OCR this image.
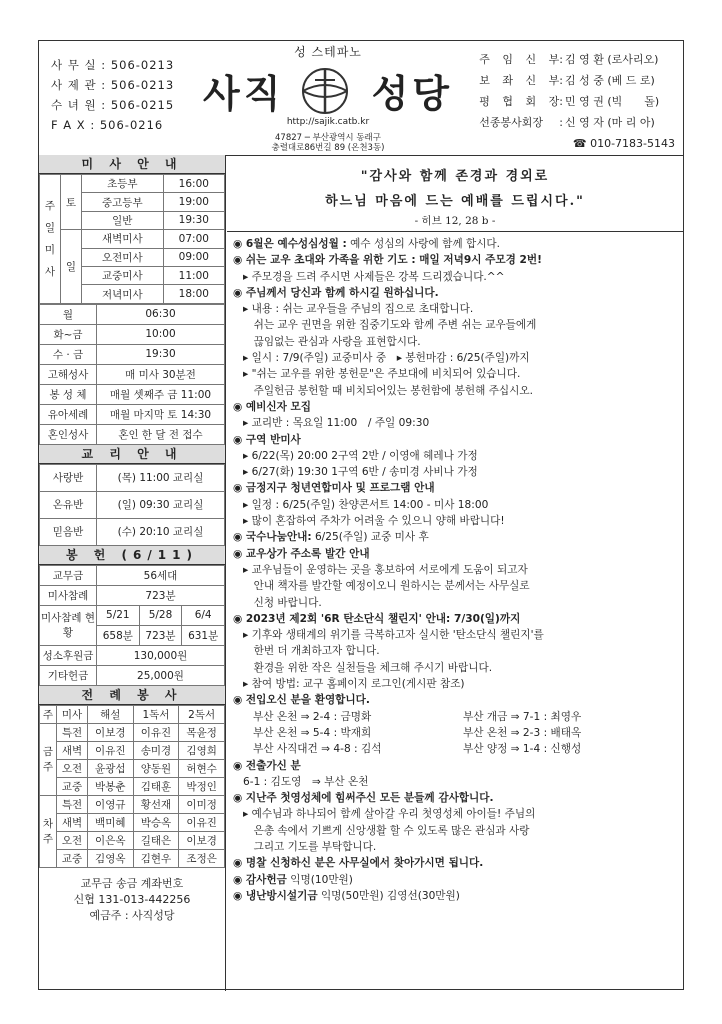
사 무 실 : 506-0213
사 제 관 : 506-0213
수 녀 원 : 506-0215
F A X : 506-0216
성 스테파노
사직 성당
http://sajik.catb.kr
47827 ─ 부산광역시 동래구
충렬대로86번길 89 (온천3동)
주 임 신 부 : 김 영 환 (로사리오)
보 좌 신 부 : 김 성 중 (베 드 로)
평 협 회 장 : 민 영 권 (빅　　돌)
선종봉사회장	: 신 영 자 (마 리 아)
☎ 010-7183-5143
미 사 안 내
주 일 미 사	토	초등부	16:00
		중고등부	19:00
		일반	19:30
	일	새벽미사	07:00
		오전미사	09:00
		교중미사	11:00
		저녁미사	18:00
월	06:30
화~금	10:00
수 · 금	19:30
고해성사	매 미사 30분전
봉 성 체	매월 셋째주 금 11:00
유아세례	매월 마지막 토 14:30
혼인성사	혼인 한 달 전 접수
교 리 안 내
사랑반	(목) 11:00 교리실
온유반	(일) 09:30 교리실
믿음반	(수) 20:10 교리실
봉 헌 (6/11)
교무금	56세대		
미사참례	723분		
미사참례 현황	5/21	5/28	6/4
	658분	723분	631분
성소후원금	130,000원		
기타헌금	25,000원		
전 례 봉 사
주	미사	해설	1독서	2독서
금 주	특전	이보경	이유진	목윤정
	새벽	이유진	송미경	김영희
	오전	윤광섭	양동원	허현수
	교중	박봉춘	김태훈	박정인
차 주	특전	이영규	황선재	이미정
	새벽	백미혜	박승옥	이유진
	오전	이은옥	길태은	이보경
	교중	김영옥	김현우	조정은
교무금 송금 계좌번호
신협 131-013-442256
예금주 : 사직성당
"감사와 함께 존경과 경외로
하느님 마음에 드는 예배를 드립시다."
- 히브 12, 28 b -
◉ 6월은 예수성심성월 : 예수 성심의 사랑에 함께 합시다.
◉ 쉬는 교우 초대와 가족을 위한 기도 : 매일 저녁9시 주모경 2번!
▸ 주모경을 드려 주시면 사제들은 강복 드리겠습니다.^^
◉ 주님께서 당신과 함께 하시길 원하십니다.
▸ 내용 : 쉬는 교우들을 주님의 집으로 초대합니다.
　쉬는 교우 권면을 위한 집중기도와 함께 주변 쉬는 교우들에게
　끊임없는 관심과 사랑을 표현합시다.
▸ 일시 : 7/9(주일) 교중미사 중　▸ 봉헌마감 : 6/25(주일)까지
▸ "쉬는 교우를 위한 봉헌문"은 주보대에 비치되어 있습니다.
　주일헌금 봉헌할 때 비치되어있는 봉헌함에 봉헌해 주십시오.
◉ 예비신자 모집
▸ 교리반 : 목요일 11:00　/ 주일 09:30
◉ 구역 반미사
▸ 6/22(목) 20:00 2구역 2반 / 이영애 헤레나 가정
▸ 6/27(화) 19:30 1구역 6반 / 송미경 사비나 가정
◉ 금정지구 청년연합미사 및 프로그램 안내
▸ 일정 : 6/25(주일) 찬양콘서트 14:00 - 미사 18:00
▸ 많이 혼잡하여 주차가 어려울 수 있으니 양해 바랍니다!
◉ 국수나눔안내: 6/25(주일) 교중 미사 후
◉ 교우상가 주소록 발간 안내
▸ 교우님들이 운영하는 곳을 홍보하여 서로에게 도움이 되고자
　안내 책자를 발간할 예정이오니 원하시는 분께서는 사무실로
　신청 바랍니다.
◉ 2023년 제2회 '6R 탄소단식 챌린지' 안내: 7/30(일)까지
▸ 기후와 생태계의 위기를 극복하고자 실시한 '탄소단식 챌린지'를
　한번 더 개최하고자 합니다.
　환경을 위한 작은 실천들을 체크해 주시기 바랍니다.
▸ 참여 방법: 교구 홈페이지 로그인(게시판 참조)
◉ 전입오신 분을 환영합니다.
부산 온천 ⇒ 2-4 : 금명화	부산 개금 ⇒ 7-1 : 최영우
부산 온천 ⇒ 5-4 : 박재희	부산 온천 ⇒ 2-3 : 배태옥
부산 사직대건 ⇒ 4-8 : 김석	부산 양정 ⇒ 1-4 : 신행성
◉ 전출가신 분
6-1 : 김도영　⇒ 부산 온천
◉ 지난주 첫영성체에 힘써주신 모든 분들께 감사합니다.
▸ 예수님과 하나되어 함께 살아갈 우리 첫영성체 아이들! 주님의
　은총 속에서 기쁘게 신앙생활 할 수 있도록 많은 관심과 사랑
　그리고 기도를 부탁합니다.
◉ 명찰 신청하신 분은 사무실에서 찾아가시면 됩니다.
◉ 감사헌금 익명(10만원)
◉ 냉난방시설기금 익명(50만원) 김영선(30만원)
